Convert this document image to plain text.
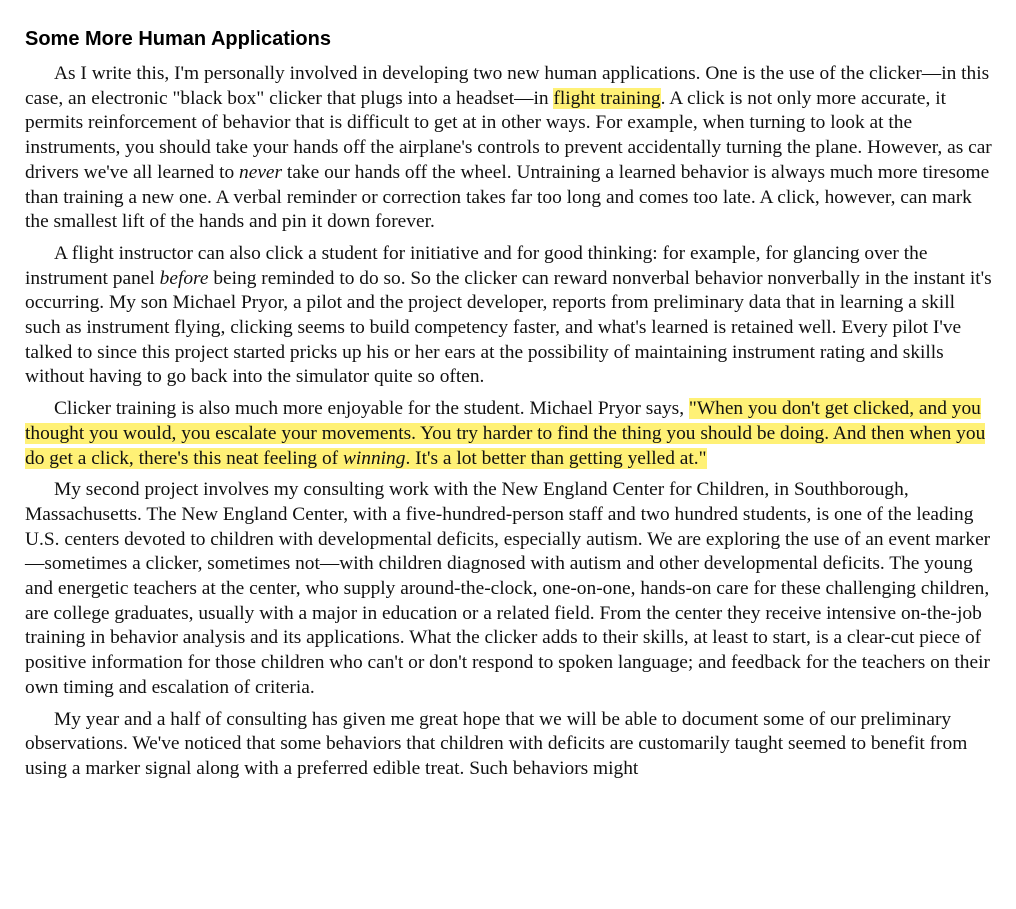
Some More Human Applications

As I write this, I'm personally involved in developing two new human applications. One is the use of the clicker—in this case, an electronic "black box" clicker that plugs into a headset—in flight training. A click is not only more accurate, it permits reinforcement of behavior that is difficult to get at in other ways. For example, when turning to look at the instruments, you should take your hands off the airplane's controls to prevent accidentally turning the plane. However, as car drivers we've all learned to never take our hands off the wheel. Untraining a learned behavior is always much more tiresome than training a new one. A verbal reminder or correction takes far too long and comes too late. A click, however, can mark the smallest lift of the hands and pin it down forever.

A flight instructor can also click a student for initiative and for good thinking: for example, for glancing over the instrument panel before being reminded to do so. So the clicker can reward nonverbal behavior nonverbally in the instant it's occurring. My son Michael Pryor, a pilot and the project developer, reports from preliminary data that in learning a skill such as instrument flying, clicking seems to build competency faster, and what's learned is retained well. Every pilot I've talked to since this project started pricks up his or her ears at the possibility of maintaining instrument rating and skills without having to go back into the simulator quite so often.

Clicker training is also much more enjoyable for the student. Michael Pryor says, "When you don't get clicked, and you thought you would, you escalate your movements. You try harder to find the thing you should be doing. And then when you do get a click, there's this neat feeling of winning. It's a lot better than getting yelled at."

My second project involves my consulting work with the New England Center for Children, in Southborough, Massachusetts. The New England Center, with a five-hundred-person staff and two hundred students, is one of the leading U.S. centers devoted to children with developmental deficits, especially autism. We are exploring the use of an event marker—sometimes a clicker, sometimes not—with children diagnosed with autism and other developmental deficits. The young and energetic teachers at the center, who supply around-the-clock, one-on-one, hands-on care for these challenging children, are college graduates, usually with a major in education or a related field. From the center they receive intensive on-the-job training in behavior analysis and its applications. What the clicker adds to their skills, at least to start, is a clear-cut piece of positive information for those children who can't or don't respond to spoken language; and feedback for the teachers on their own timing and escalation of criteria.

My year and a half of consulting has given me great hope that we will be able to document some of our preliminary observations. We've noticed that some behaviors that children with deficits are customarily taught seemed to benefit from using a marker signal along with a preferred edible treat. Such behaviors might
